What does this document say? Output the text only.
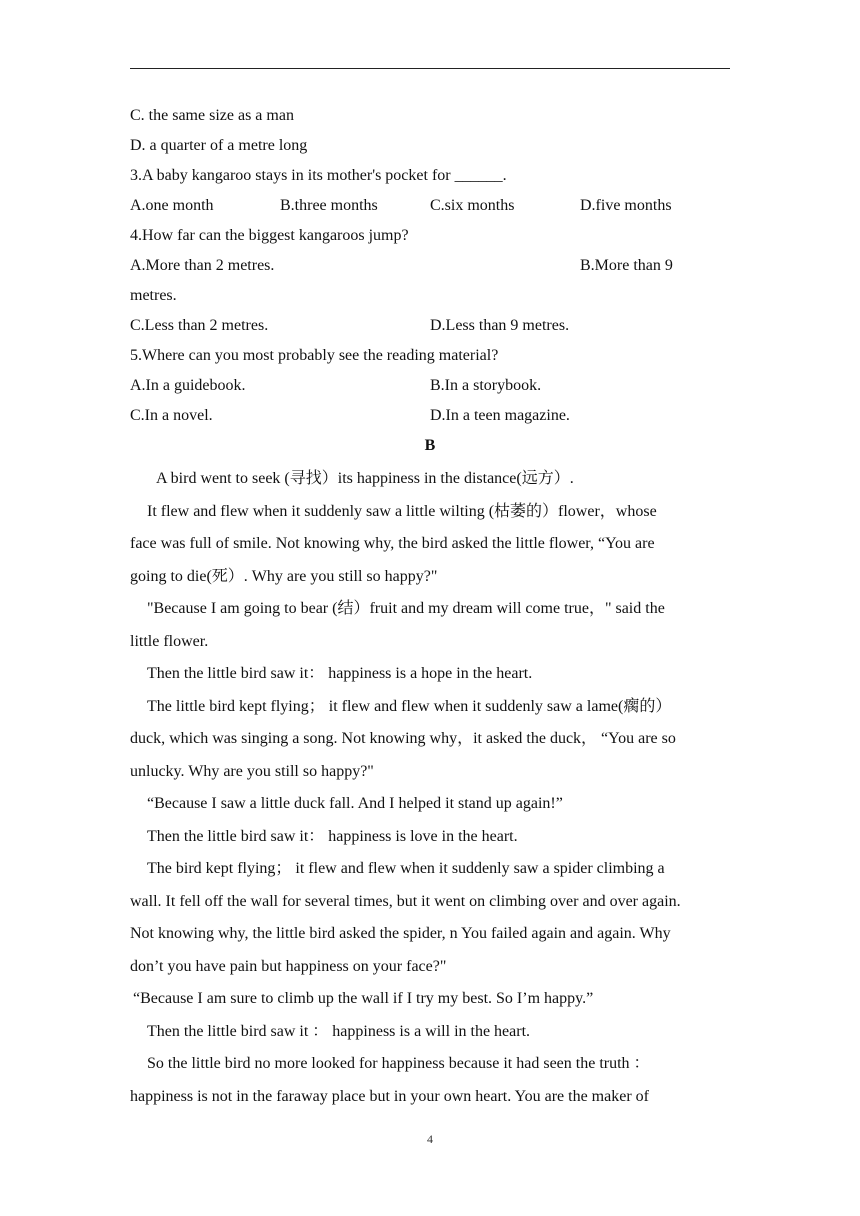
C. the same size as a man
D. a quarter of a metre long
3.A baby kangaroo stays in its mother's pocket for ______.
A.one month	B.three months	C.six months	D.five months
4.How far can the biggest kangaroos jump?
A.More than 2 metres.	B.More than 9
metres.
C.Less than 2 metres.	D.Less than 9 metres.
5.Where can you most probably see the reading material?
A.In a guidebook.	B.In a storybook.
C.In a novel.	D.In a teen magazine.
B
A bird went to seek (寻找）its happiness in the distance(远方）.
It flew and flew when it suddenly saw a little wilting (枯萎的）flower，whose
face was full of smile. Not knowing why, the bird asked the little flower, “You are
going to die(死）. Why are you still so happy?"
"Because I am going to bear (结）fruit and my dream will come true，" said the
little flower.
Then the little bird saw it： happiness is a hope in the heart.
The little bird kept flying； it flew and flew when it suddenly saw a lame(瘸的）
duck, which was singing a song. Not knowing why，it asked the duck， “You are so
unlucky. Why are you still so happy?"
“Because I saw a little duck fall. And I helped it stand up again!”
Then the little bird saw it： happiness is love in the heart.
The bird kept flying； it flew and flew when it suddenly saw a spider climbing a
wall. It fell off the wall for several times, but it went on climbing over and over again.
Not knowing why, the little bird asked the spider, n You failed again and again. Why
don’t you have pain but happiness on your face?"
“Because I am sure to climb up the wall if I try my best. So I’m happy.”
Then the little bird saw it ： happiness is a will in the heart.
So the little bird no more looked for happiness because it had seen the truth ：
happiness is not in the faraway place but in your own heart. You are the maker of
4
